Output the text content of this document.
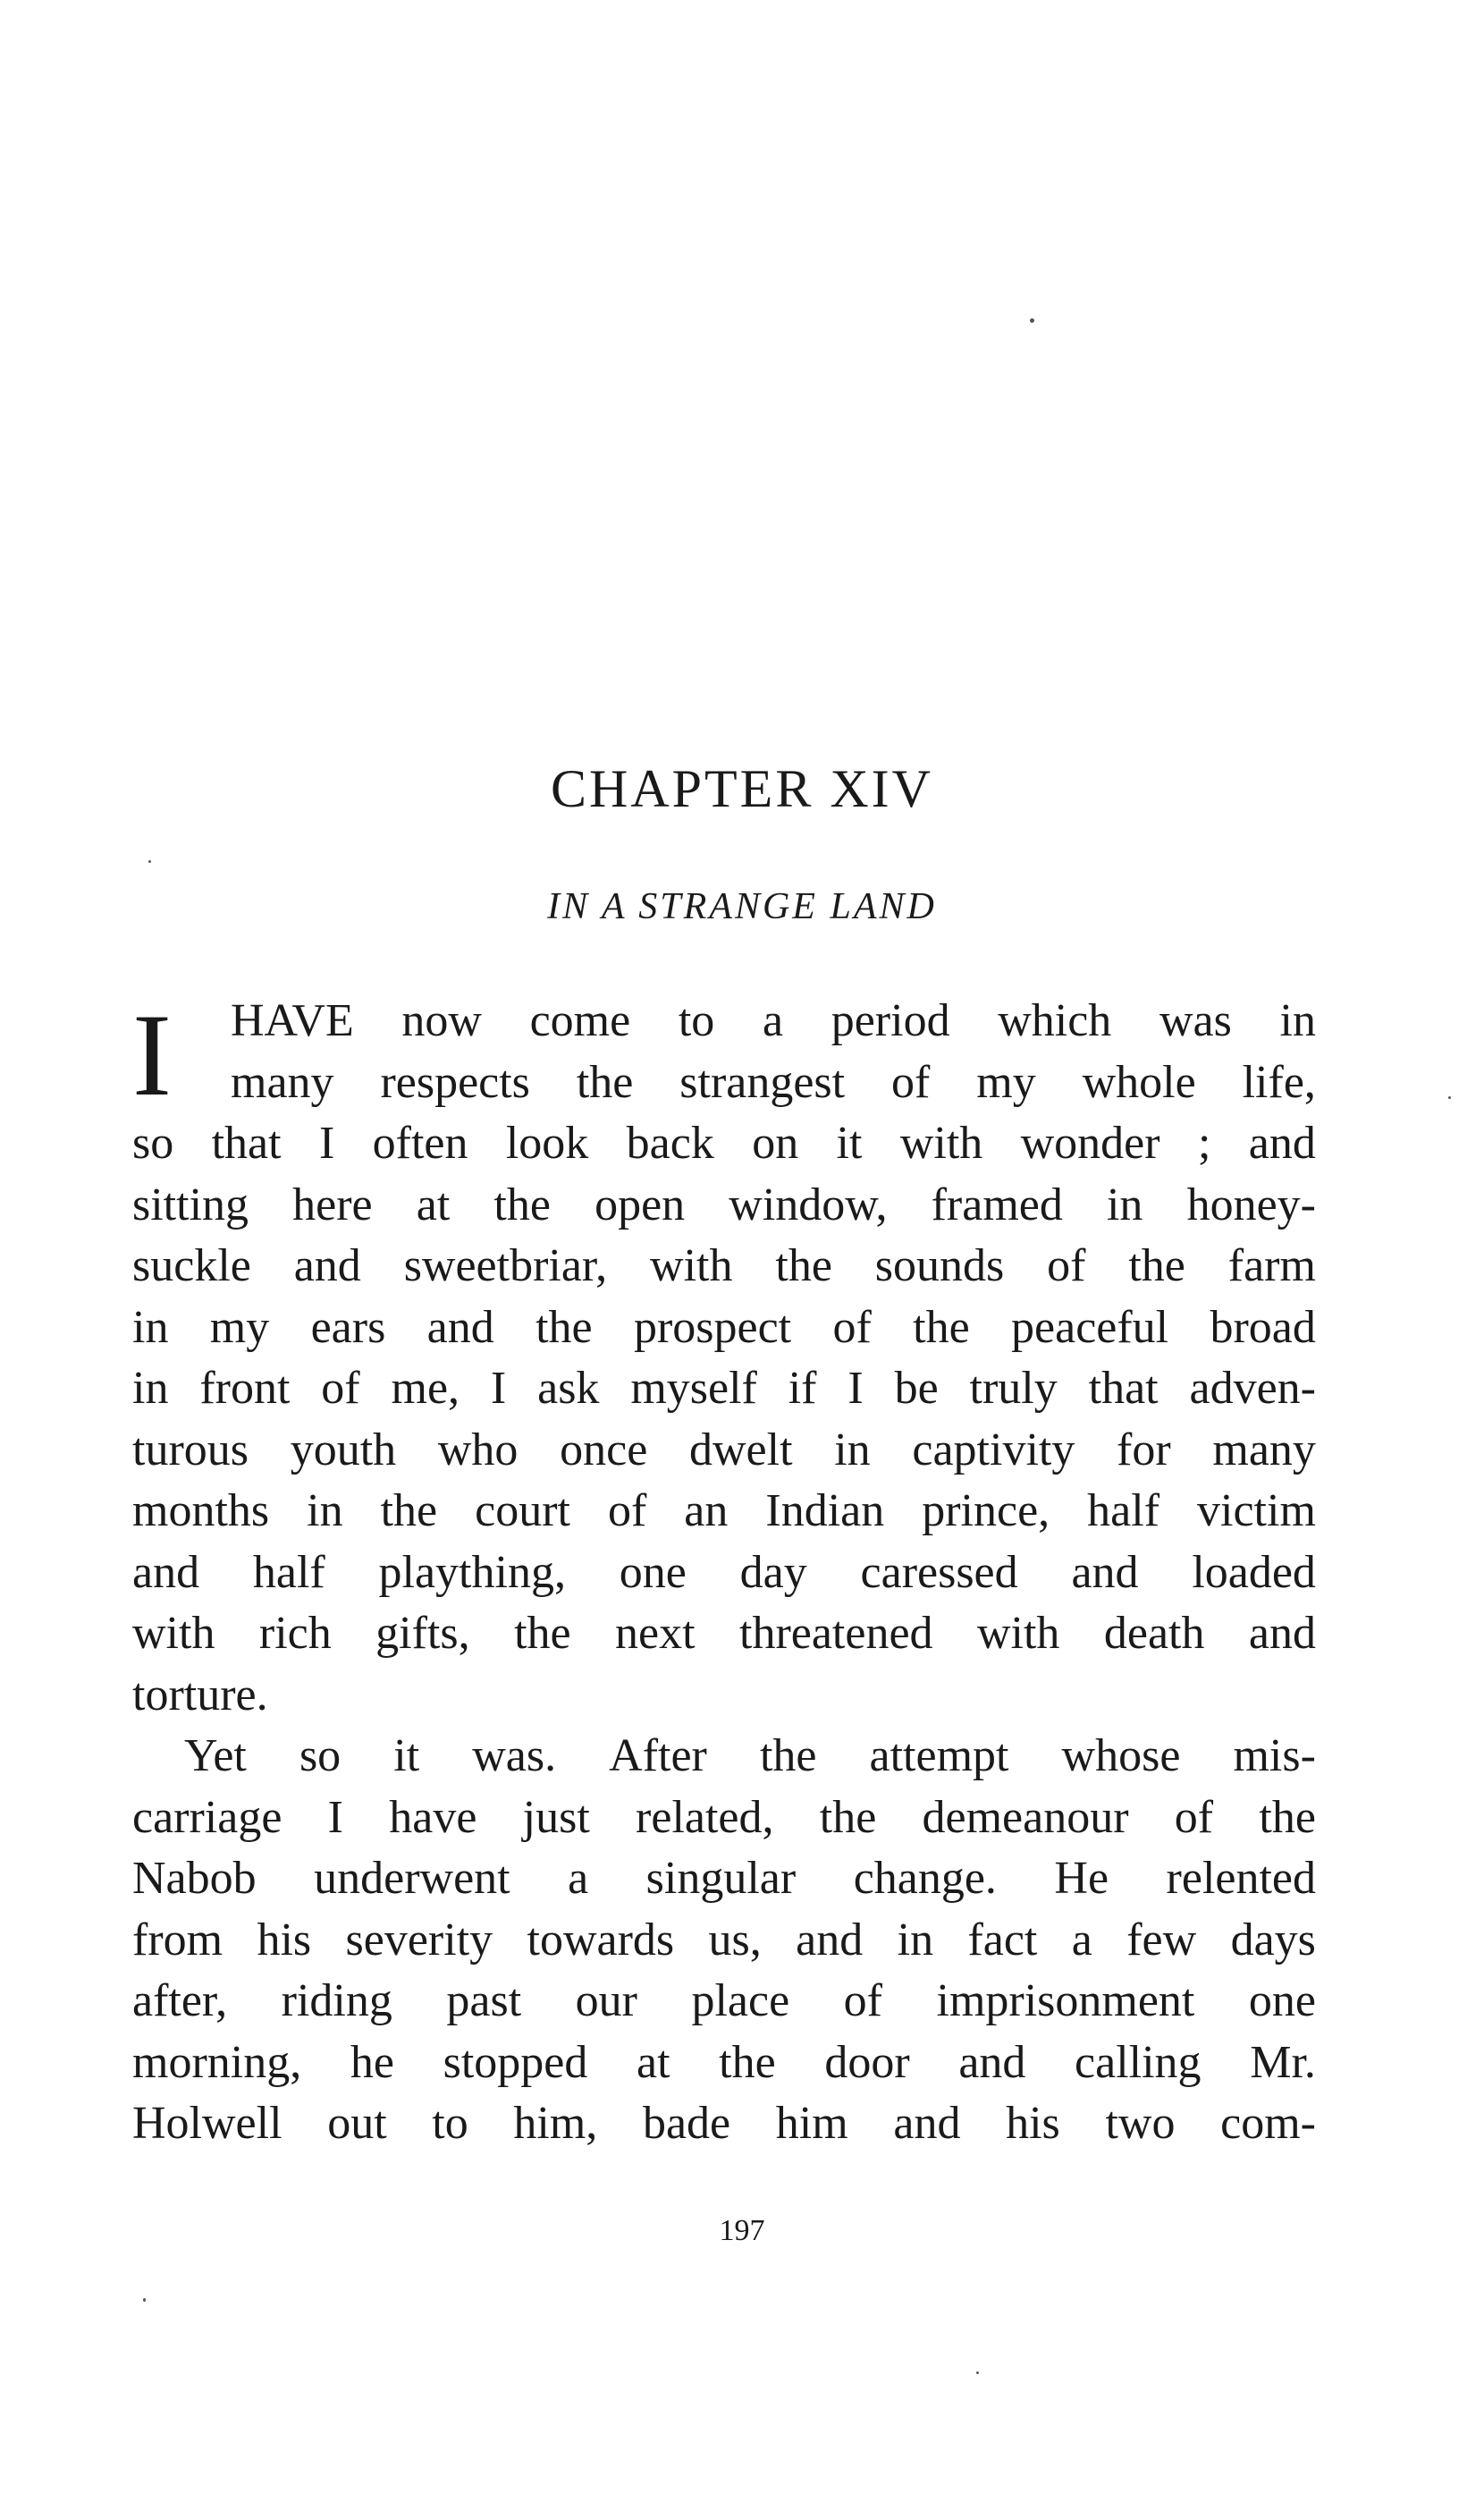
CHAPTER XIV
IN A STRANGE LAND
I HAVE now come to a period which was in
many respects the strangest of my whole life,
so that I often look back on it with wonder ; and
sitting here at the open window, framed in honey-
suckle and sweetbriar, with the sounds of the farm
in my ears and the prospect of the peaceful broad
in front of me, I ask myself if I be truly that adven-
turous youth who once dwelt in captivity for many
months in the court of an Indian prince, half victim
and half plaything, one day caressed and loaded
with rich gifts, the next threatened with death and
torture.
Yet so it was. After the attempt whose mis-
carriage I have just related, the demeanour of the
Nabob underwent a singular change. He relented
from his severity towards us, and in fact a few days
after, riding past our place of imprisonment one
morning, he stopped at the door and calling Mr.
Holwell out to him, bade him and his two com-

197
